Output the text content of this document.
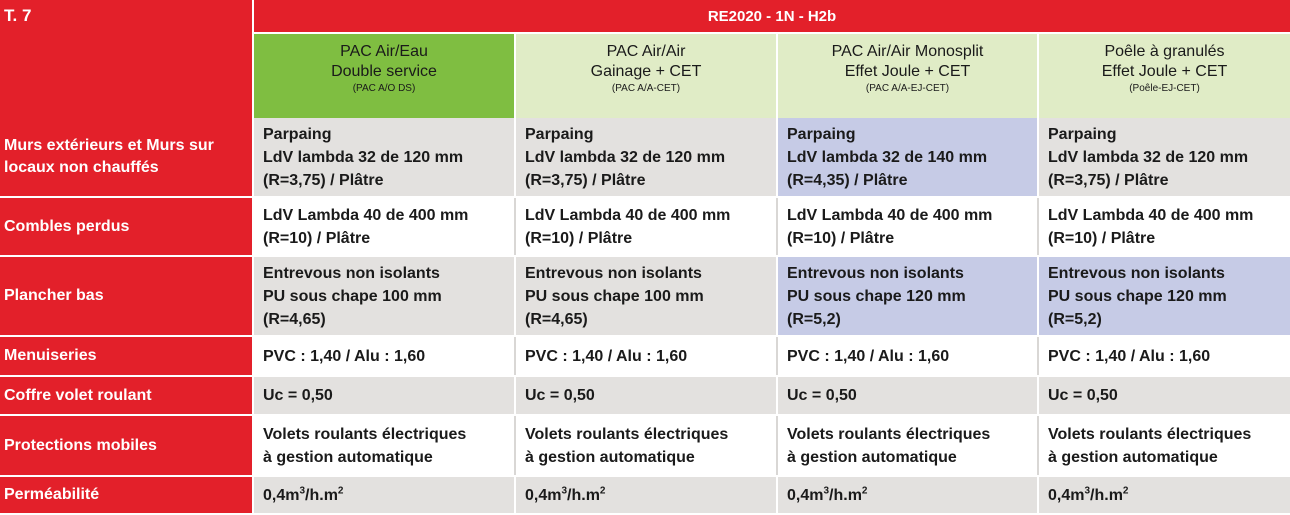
T. 7	RE2020 - 1N - H2b			

	PAC Air/Eau
Double service
(PAC A/O DS)	PAC Air/Air
Gainage + CET
(PAC A/A-CET)	PAC Air/Air Monosplit
Effet Joule + CET
(PAC A/A-EJ-CET)	Poêle à granulés
Effet Joule + CET
(Poêle-EJ-CET)

Murs extérieurs et Murs sur
locaux non chauffés	Parpaing
LdV lambda 32 de 120 mm
(R=3,75) / Plâtre	Parpaing
LdV lambda 32 de 120 mm
(R=3,75) / Plâtre	Parpaing
LdV lambda 32 de 140 mm
(R=4,35) / Plâtre	Parpaing
LdV lambda 32 de 120 mm
(R=3,75) / Plâtre

Combles perdus	LdV Lambda 40 de 400 mm
(R=10) / Plâtre	LdV Lambda 40 de 400 mm
(R=10) / Plâtre	LdV Lambda 40 de 400 mm
(R=10) / Plâtre	LdV Lambda 40 de 400 mm
(R=10) / Plâtre

Plancher bas	Entrevous non isolants
PU sous chape 100 mm
(R=4,65)	Entrevous non isolants
PU sous chape 100 mm
(R=4,65)	Entrevous non isolants
PU sous chape 120 mm
(R=5,2)	Entrevous non isolants
PU sous chape 120 mm
(R=5,2)

Menuiseries	PVC : 1,40 / Alu : 1,60	PVC : 1,40 / Alu : 1,60	PVC : 1,40 / Alu : 1,60	PVC : 1,40 / Alu : 1,60

Coffre volet roulant	Uc = 0,50	Uc = 0,50	Uc = 0,50	Uc = 0,50

Protections mobiles	Volets roulants électriques
à gestion automatique	Volets roulants électriques
à gestion automatique	Volets roulants électriques
à gestion automatique	Volets roulants électriques
à gestion automatique

Perméabilité	$0,4m^3/h.m^2$	$0,4m^3/h.m^2$	$0,4m^3/h.m^2$	$0,4m^3/h.m^2$
